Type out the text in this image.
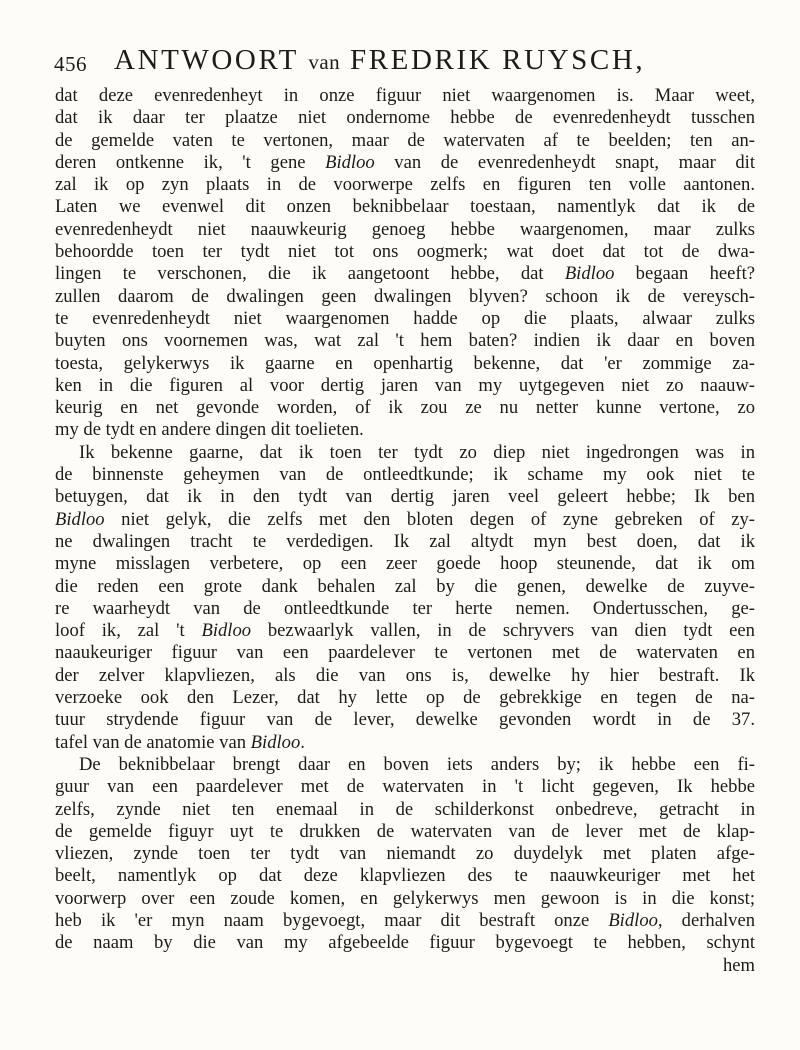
456 ANTWOORT van FREDRIK RUYSCH,
dat deze evenredenheyt in onze figuur niet waargenomen is. Maar weet,
dat ik daar ter plaatze niet ondernome hebbe de evenredenheydt tusschen
de gemelde vaten te vertonen, maar de watervaten af te beelden; ten an-
deren ontkenne ik, 't gene Bidloo van de evenredenheydt snapt, maar dit
zal ik op zyn plaats in de voorwerpe zelfs en figuren ten volle aantonen.
Laten we evenwel dit onzen beknibbelaar toestaan, namentlyk dat ik de
evenredenheydt niet naauwkeurig genoeg hebbe waargenomen, maar zulks
behoordde toen ter tydt niet tot ons oogmerk; wat doet dat tot de dwa-
lingen te verschonen, die ik aangetoont hebbe, dat Bidloo begaan heeft?
zullen daarom de dwalingen geen dwalingen blyven? schoon ik de vereysch-
te evenredenheydt niet waargenomen hadde op die plaats, alwaar zulks
buyten ons voornemen was, wat zal 't hem baten? indien ik daar en boven
toesta, gelykerwys ik gaarne en openhartig bekenne, dat 'er zommige za-
ken in die figuren al voor dertig jaren van my uytgegeven niet zo naauw-
keurig en net gevonde worden, of ik zou ze nu netter kunne vertone, zo
my de tydt en andere dingen dit toelieten.
Ik bekenne gaarne, dat ik toen ter tydt zo diep niet ingedrongen was in
de binnenste geheymen van de ontleedtkunde; ik schame my ook niet te
betuygen, dat ik in den tydt van dertig jaren veel geleert hebbe; Ik ben
Bidloo niet gelyk, die zelfs met den bloten degen of zyne gebreken of zy-
ne dwalingen tracht te verdedigen. Ik zal altydt myn best doen, dat ik
myne misslagen verbetere, op een zeer goede hoop steunende, dat ik om
die reden een grote dank behalen zal by die genen, dewelke de zuyve-
re waarheydt van de ontleedtkunde ter herte nemen. Ondertusschen, ge-
loof ik, zal 't Bidloo bezwaarlyk vallen, in de schryvers van dien tydt een
naaukeuriger figuur van een paardelever te vertonen met de watervaten en
der zelver klapvliezen, als die van ons is, dewelke hy hier bestraft. Ik
verzoeke ook den Lezer, dat hy lette op de gebrekkige en tegen de na-
tuur strydende figuur van de lever, dewelke gevonden wordt in de 37.
tafel van de anatomie van Bidloo.
De beknibbelaar brengt daar en boven iets anders by; ik hebbe een fi-
guur van een paardelever met de watervaten in 't licht gegeven, Ik hebbe
zelfs, zynde niet ten enemaal in de schilderkonst onbedreve, getracht in
de gemelde figuyr uyt te drukken de watervaten van de lever met de klap-
vliezen, zynde toen ter tydt van niemandt zo duydelyk met platen afge-
beelt, namentlyk op dat deze klapvliezen des te naauwkeuriger met het
voorwerp over een zoude komen, en gelykerwys men gewoon is in die konst;
heb ik 'er myn naam bygevoegt, maar dit bestraft onze Bidloo, derhalven
de naam by die van my afgebeelde figuur bygevoegt te hebben, schynt
hem
